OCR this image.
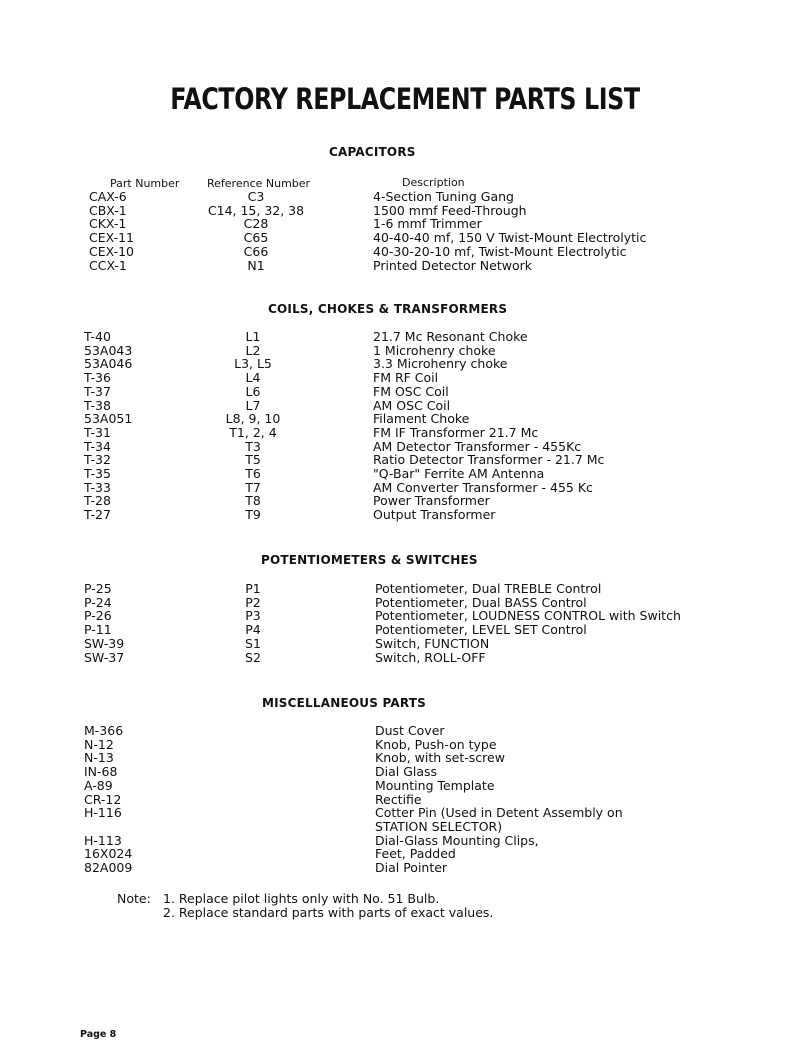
FACTORY REPLACEMENT PARTS LIST
CAPACITORS
COILS, CHOKES & TRANSFORMERS
POTENTIOMETERS & SWITCHES
MISCELLANEOUS PARTS
Part Number	Reference Number	Description
CAX-6	C3	4-Section Tuning Gang
CBX-1	C14, 15, 32, 38	1500 mmf Feed-Through
CKX-1	C28	1-6 mmf Trimmer
CEX-11	C65	40-40-40 mf, 150 V Twist-Mount Electrolytic
CEX-10	C66	40-30-20-10 mf, Twist-Mount Electrolytic
CCX-1	N1	Printed Detector Network
T-40	L1	21.7 Mc Resonant Choke
53A043	L2	1 Microhenry choke
53A046	L3, L5	3.3 Microhenry choke
T-36	L4	FM RF Coil
T-37	L6	FM OSC Coil
T-38	L7	AM OSC Coil
53A051	L8, 9, 10	Filament Choke
T-31	T1, 2, 4	FM IF Transformer 21.7 Mc
T-34	T3	AM Detector Transformer - 455Kc
T-32	T5	Ratio Detector Transformer - 21.7 Mc
T-35	T6	"Q-Bar" Ferrite AM Antenna
T-33	T7	AM Converter Transformer - 455 Kc
T-28	T8	Power Transformer
T-27	T9	Output Transformer
P-25	P1	Potentiometer, Dual TREBLE Control
P-24	P2	Potentiometer, Dual BASS Control
P-26	P3	Potentiometer, LOUDNESS CONTROL with Switch
P-11	P4	Potentiometer, LEVEL SET Control
SW-39	S1	Switch, FUNCTION
SW-37	S2	Switch, ROLL-OFF
M-366	Dust Cover
N-12	Knob, Push-on type
N-13	Knob, with set-screw
IN-68	Dial Glass
A-89	Mounting Template
CR-12	Rectifie
H-116	Cotter Pin (Used in Detent Assembly on
STATION SELECTOR)
H-113	Dial-Glass Mounting Clips,
16X024	Feet, Padded
82A009	Dial Pointer
Note: 1. Replace pilot lights only with No. 51 Bulb.
2. Replace standard parts with parts of exact values.
Page 8
